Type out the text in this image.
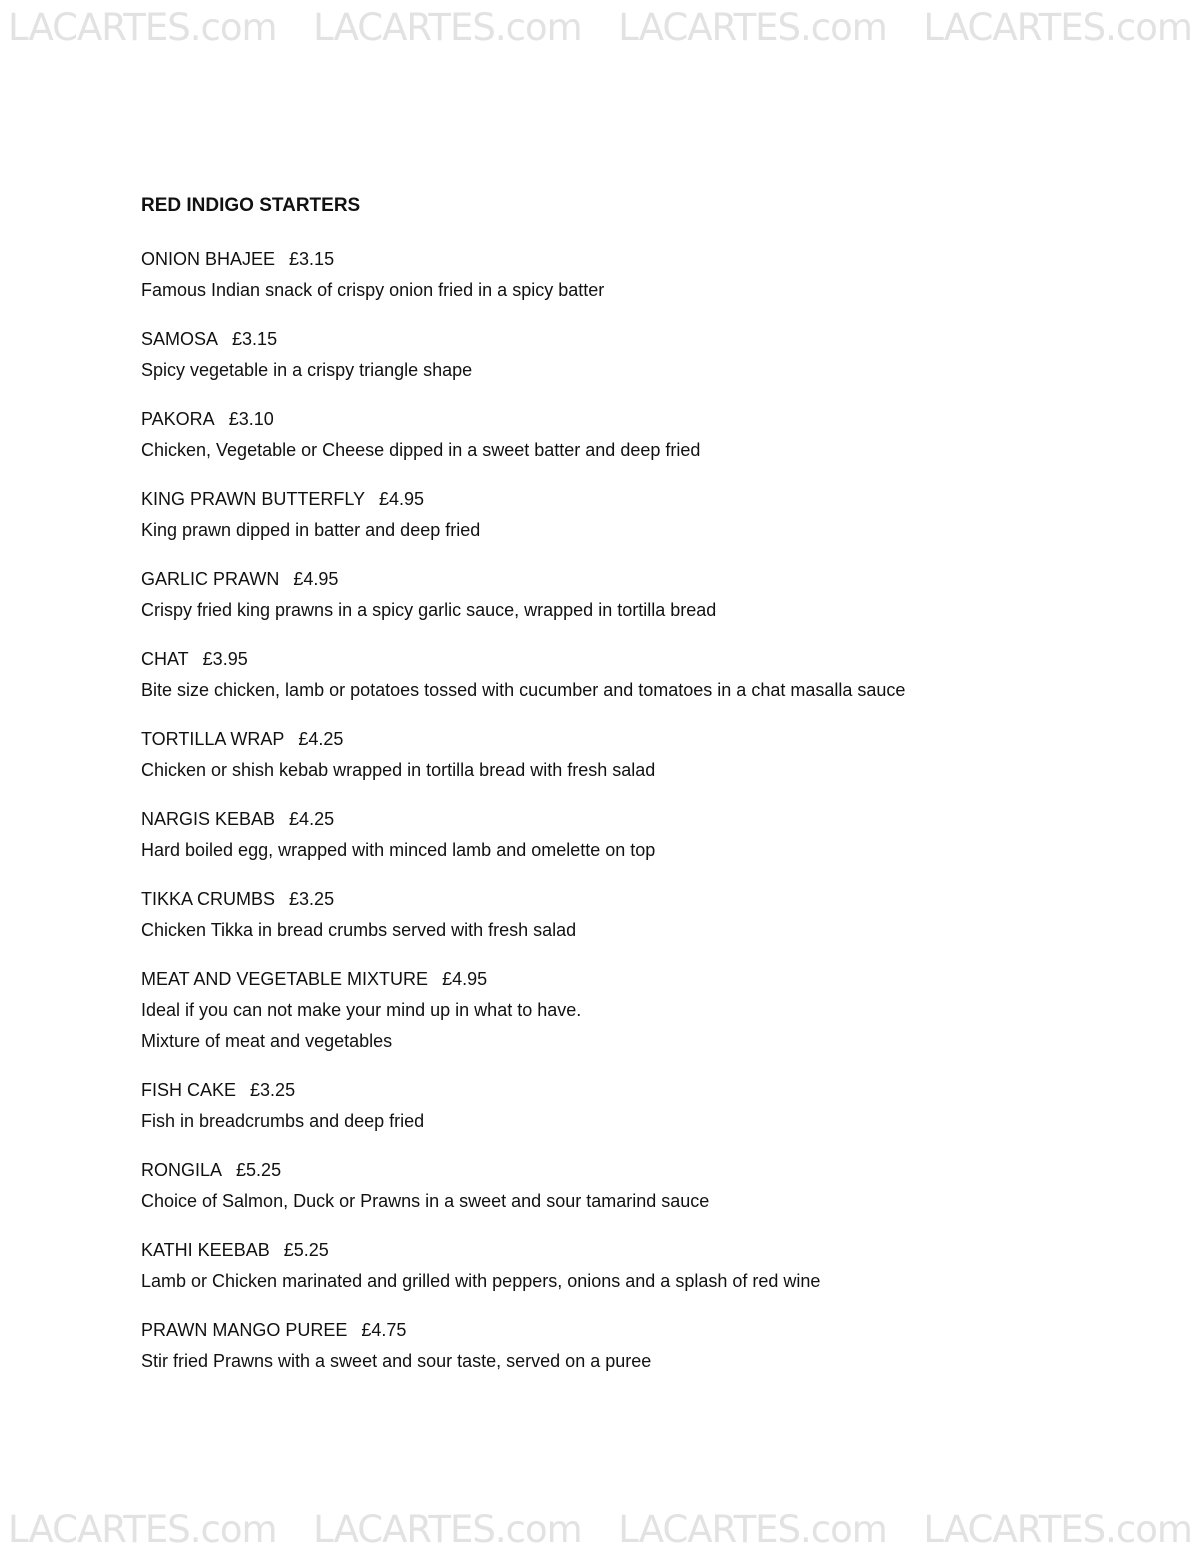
LACARTES.com LACARTES.com LACARTES.com LACARTES.com
RED INDIGO STARTERS
ONION BHAJEE £3.15
Famous Indian snack of crispy onion fried in a spicy batter
SAMOSA £3.15
Spicy vegetable in a crispy triangle shape
PAKORA £3.10
Chicken, Vegetable or Cheese dipped in a sweet batter and deep fried
KING PRAWN BUTTERFLY £4.95
King prawn dipped in batter and deep fried
GARLIC PRAWN £4.95
Crispy fried king prawns in a spicy garlic sauce, wrapped in tortilla bread
CHAT £3.95
Bite size chicken, lamb or potatoes tossed with cucumber and tomatoes in a chat masalla sauce
TORTILLA WRAP £4.25
Chicken or shish kebab wrapped in tortilla bread with fresh salad
NARGIS KEBAB £4.25
Hard boiled egg, wrapped with minced lamb and omelette on top
TIKKA CRUMBS £3.25
Chicken Tikka in bread crumbs served with fresh salad
MEAT AND VEGETABLE MIXTURE £4.95
Ideal if you can not make your mind up in what to have.
Mixture of meat and vegetables
FISH CAKE £3.25
Fish in breadcrumbs and deep fried
RONGILA £5.25
Choice of Salmon, Duck or Prawns in a sweet and sour tamarind sauce
KATHI KEEBAB £5.25
Lamb or Chicken marinated and grilled with peppers, onions and a splash of red wine
PRAWN MANGO PUREE £4.75
Stir fried Prawns with a sweet and sour taste, served on a puree
LACARTES.com LACARTES.com LACARTES.com LACARTES.com
